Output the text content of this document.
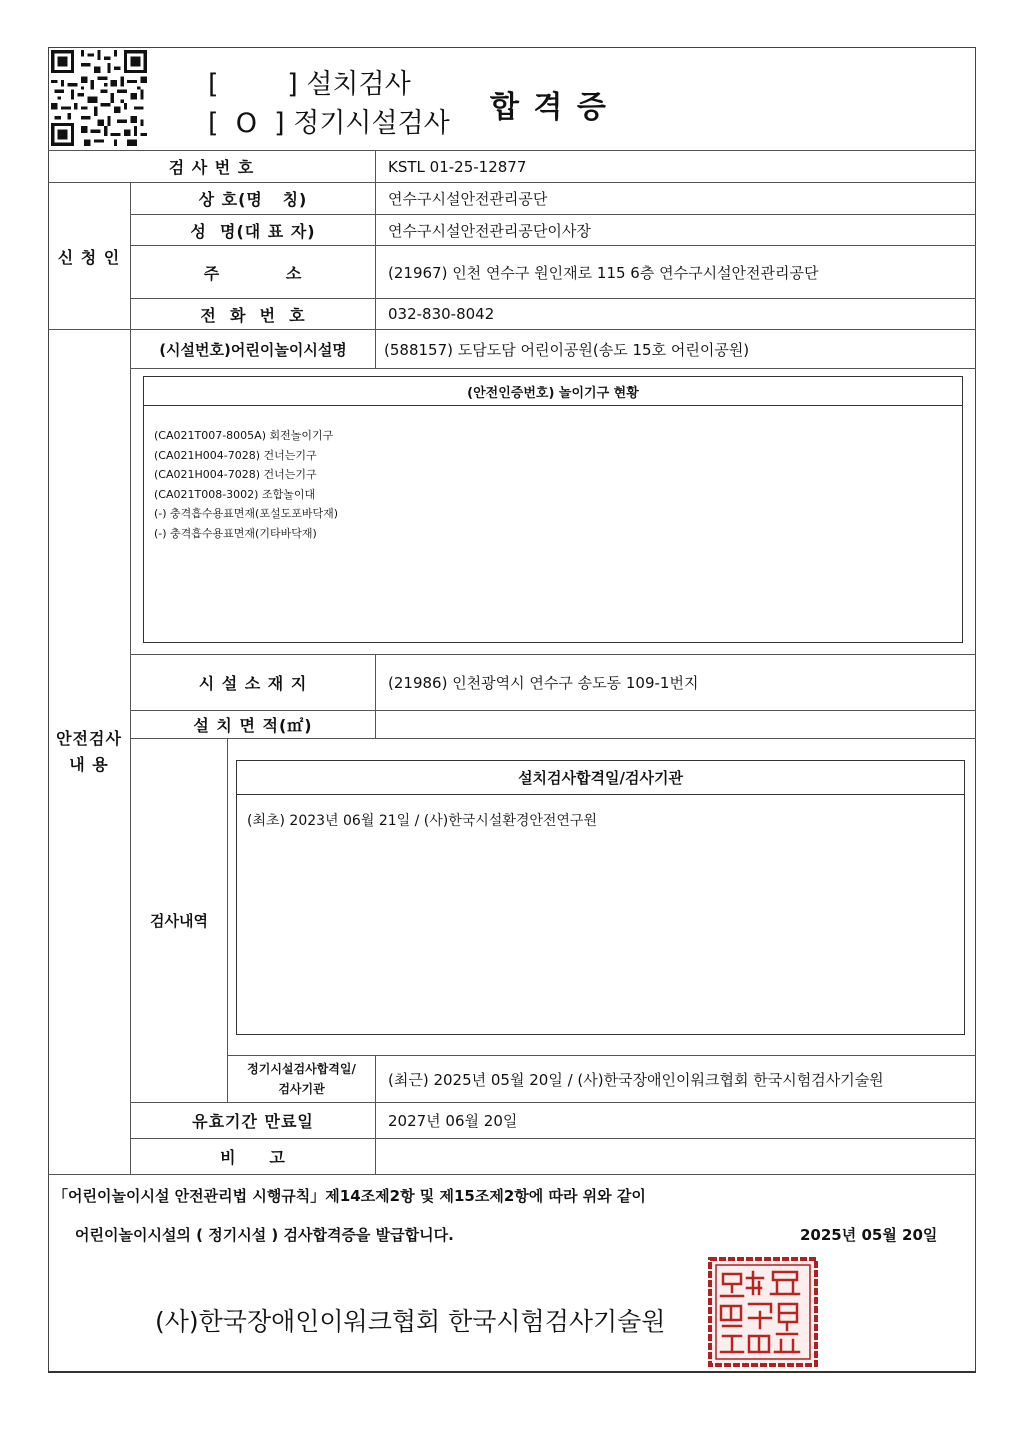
[        ] 설치검사
[  O  ] 정기시설검사 합 격 증
검 사 번 호	KSTL 01-25-12877
신 청 인
상 호(명   칭)	연수구시설안전관리공단
성  명(대 표 자)	연수구시설안전관리공단이사장
주          소	(21967) 인천 연수구 원인재로 115 6층 연수구시설안전관리공단
전  화  번  호	032-830-8042
안전검사
내 용
(시설번호)어린이놀이시설명	(588157) 도담도담 어린이공원(송도 15호 어린이공원)
(안전인증번호) 놀이기구 현황
(CA021T007-8005A) 회전놀이기구
(CA021H004-7028) 건너는기구
(CA021H004-7028) 건너는기구
(CA021T008-3002) 조합놀이대
(-) 충격흡수용표면재(포설도포바닥재)
(-) 충격흡수용표면재(기타바닥재)
시 설 소 재 지	(21986) 인천광역시 연수구 송도동 109-1번지
설 치 면 적(㎡)
검사내역
설치검사합격일/검사기관
(최초) 2023년 06월 21일 / (사)한국시설환경안전연구원
정기시설검사합격일/
검사기관
(최근) 2025년 05월 20일 / (사)한국장애인이워크협회 한국시험검사기술원
유효기간 만료일	2027년 06월 20일
비     고
「어린이놀이시설 안전관리법 시행규칙」제14조제2항 및 제15조제2항에 따라 위와 같이
어린이놀이시설의 ( 정기시설 ) 검사합격증을 발급합니다.	2025년 05월 20일
(사)한국장애인이워크협회 한국시험검사기술원
